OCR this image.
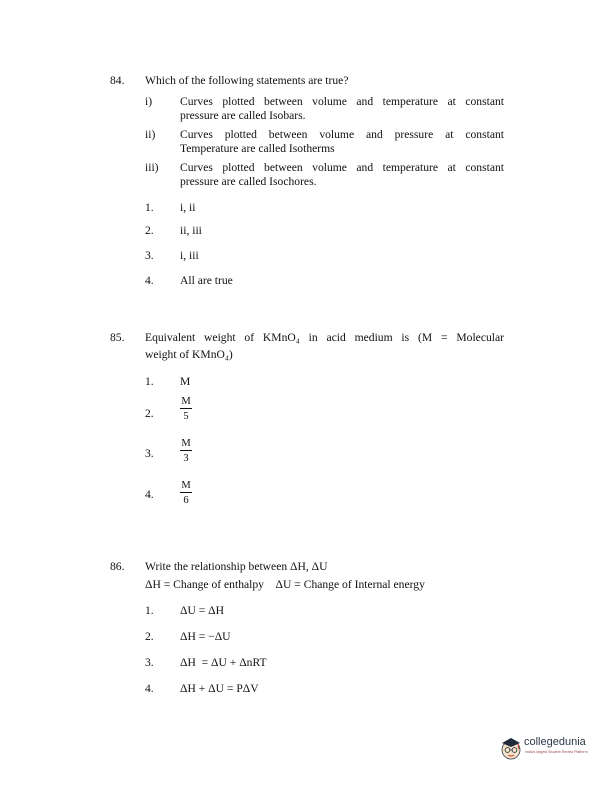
84. Which of the following statements are true?
i) Curves plotted between volume and temperature at constant
pressure are called Isobars.
ii) Curves plotted between volume and pressure at constant
Temperature are called Isotherms
iii) Curves plotted between volume and temperature at constant
pressure are called Isochores.
1. i, ii
2. ii, iii
3. i, iii
4. All are true
85. Equivalent weight of KMnO₄ in acid medium is (M = Molecular
weight of KMnO₄)
1. M
2.
M
5
3.
M
3
4.
M
6
86. Write the relationship between ΔH, ΔU
ΔH = Change of enthalpy    ΔU = Change of Internal energy
1. ΔU = ΔH
2. ΔH = −ΔU
3. ΔH  = ΔU + ΔnRT
4. ΔH + ΔU = PΔV
collegedunia
India's largest Student Review Platform
